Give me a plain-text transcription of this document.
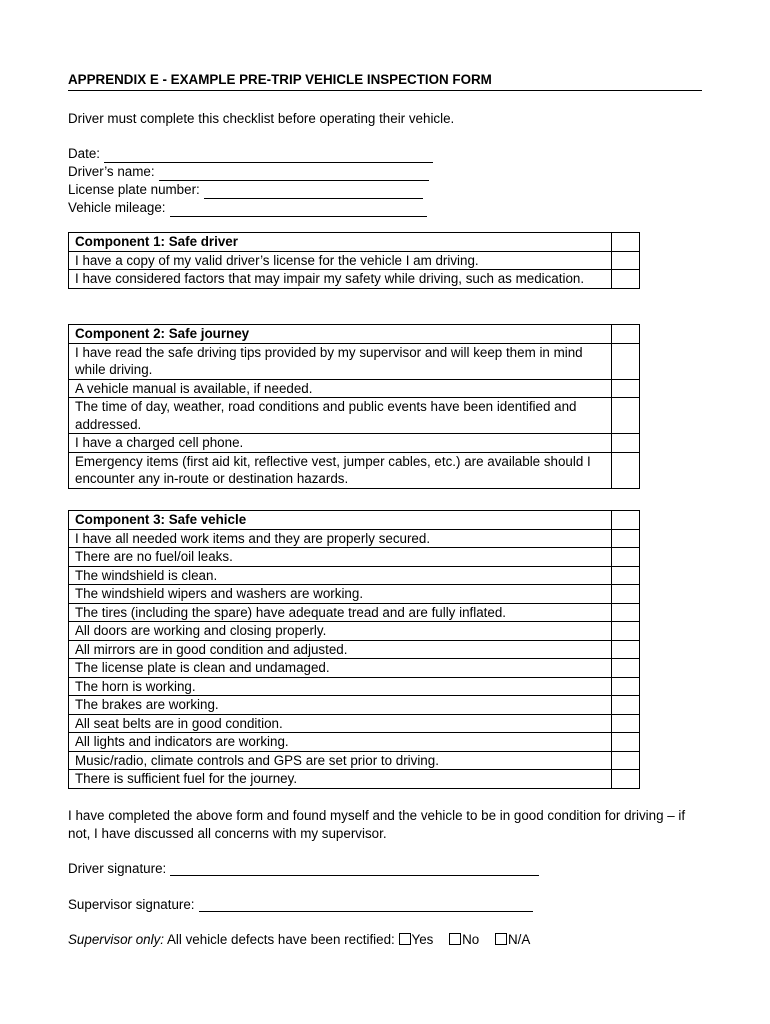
APPRENDIX E - EXAMPLE PRE-TRIP VEHICLE INSPECTION FORM
Driver must complete this checklist before operating their vehicle.
Date:
Driver’s name:
License plate number:
Vehicle mileage:
Component 1: Safe driver	
I have a copy of my valid driver’s license for the vehicle I am driving.	
I have considered factors that may impair my safety while driving, such as medication.	
Component 2: Safe journey	
I have read the safe driving tips provided by my supervisor and will keep them in mind while driving.	
A vehicle manual is available, if needed.	
The time of day, weather, road conditions and public events have been identified and addressed.	
I have a charged cell phone.	
Emergency items (first aid kit, reflective vest, jumper cables, etc.) are available should I encounter any in-route or destination hazards.	
Component 3: Safe vehicle	
I have all needed work items and they are properly secured.	
There are no fuel/oil leaks.	
The windshield is clean.	
The windshield wipers and washers are working.	
The tires (including the spare) have adequate tread and are fully inflated.	
All doors are working and closing properly.	
All mirrors are in good condition and adjusted.	
The license plate is clean and undamaged.	
The horn is working.	
The brakes are working.	
All seat belts are in good condition.	
All lights and indicators are working.	
Music/radio, climate controls and GPS are set prior to driving.	
There is sufficient fuel for the journey.	
I have completed the above form and found myself and the vehicle to be in good condition for driving – if not, I have discussed all concerns with my supervisor.
Driver signature:
Supervisor signature:
Supervisor only: All vehicle defects have been rectified: Yes No N/A
